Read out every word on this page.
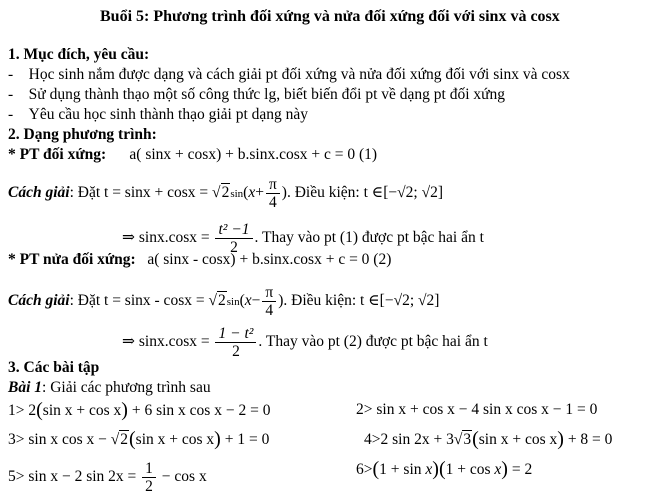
Buổi 5: Phương trình đối xứng và nửa đối xứng đối với sinx và cosx
1. Mục đích, yêu cầu:
-    Học sinh nắm được dạng và cách giải pt đối xứng và nửa đối xứng đối với sinx và cosx
-    Sử dụng thành thạo một số công thức lg, biết biến đổi pt về dạng pt đối xứng
-    Yêu cầu học sinh thành thạo giải pt dạng này
2. Dạng phương trình:
* PT đối xứng: a( sinx + cosx) + b.sinx.cosx + c = 0 (1)
Cách giải: Đặt $t = \sin x + \cos x = √2\sin(x+ \frac{\pi}{4}$ ). Điều kiện: t ∈[−√2; √2]
⇒ $\sin x.\cos x = \frac{\text{t² −1}}{2}$ . Thay vào pt (1) được pt bậc hai ẩn t
* PT nửa đối xứng: a( sinx - cosx) + b.sinx.cosx + c = 0 (2)
Cách giải: Đặt $t = \sin x - \cos x = √2\sin(x- \frac{\pi}{4}$ ). Điều kiện: t ∈[−√2; √2]
⇒ $\sin x.\cos x = \frac{\text{1 − t²}}{2}$ . Thay vào pt (2) được pt bậc hai ẩn t
3. Các bài tập
Bài 1: Giải các phương trình sau
1> 2(sin x + cos x) + 6 sin x cos x − 2 = 0	2> sin x + cos x − 4 sin x cos x − 1 = 0
3> sin x cos x − √2(sin x + cos x) + 1 = 0	4>2 sin 2x + 3√3(sin x + cos x) + 8 = 0
5> sin x − 2 $\sin 2x = \frac{1}{2} - \cos x$	6>(1 + sin x)(1 + cos x) = 2
